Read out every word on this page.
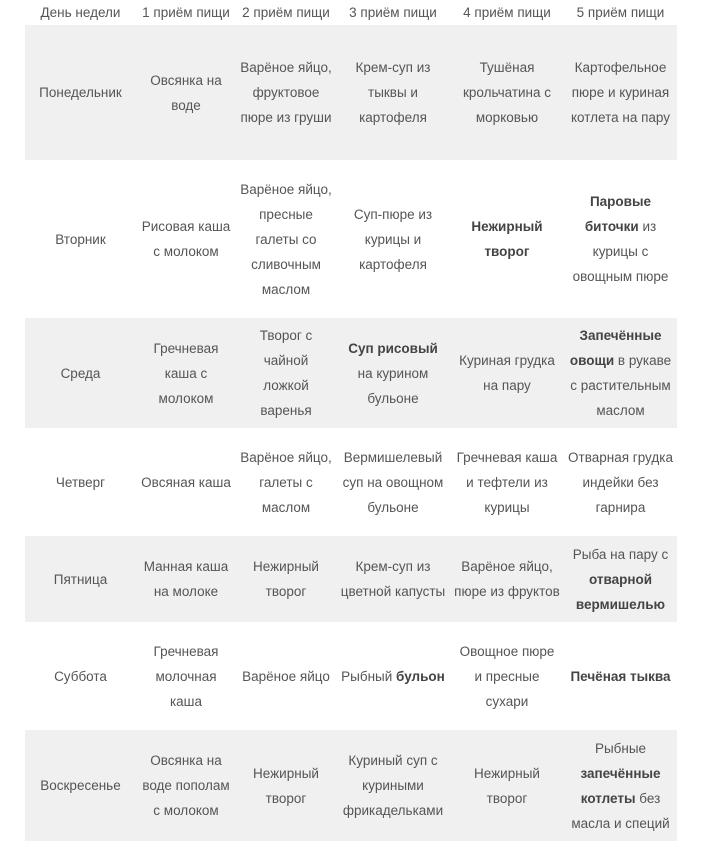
День недели	1 приём пищи	2 приём пищи	3 приём пищи	4 приём пищи	5 приём пищи
Понедельник	Овсянка на воде	Варёное яйцо, фруктовое пюре из груши	Крем-суп из тыквы и картофеля	Тушёная крольчатина с морковью	Картофельное пюре и куриная котлета на пару
Вторник	Рисовая каша с молоком	Варёное яйцо, пресные галеты со сливочным маслом	Суп-пюре из курицы и картофеля	Нежирный творог	Паровые биточки из курицы с овощным пюре
Среда	Гречневая каша с молоком	Творог с чайной ложкой варенья	Суп рисовый на курином бульоне	Куриная грудка на пару	Запечённые овощи в рукаве с растительным маслом
Четверг	Овсяная каша	Варёное яйцо, галеты с маслом	Вермишелевый суп на овощном бульоне	Гречневая каша и тефтели из курицы	Отварная грудка индейки без гарнира
Пятница	Манная каша на молоке	Нежирный творог	Крем-суп из цветной капусты	Варёное яйцо, пюре из фруктов	Рыба на пару с отварной вермишелью
Суббота	Гречневая молочная каша	Варёное яйцо	Рыбный бульон	Овощное пюре и пресные сухари	Печёная тыква
Воскресенье	Овсянка на воде пополам с молоком	Нежирный творог	Куриный суп с куриными фрикадельками	Нежирный творог	Рыбные запечённые котлеты без масла и специй
